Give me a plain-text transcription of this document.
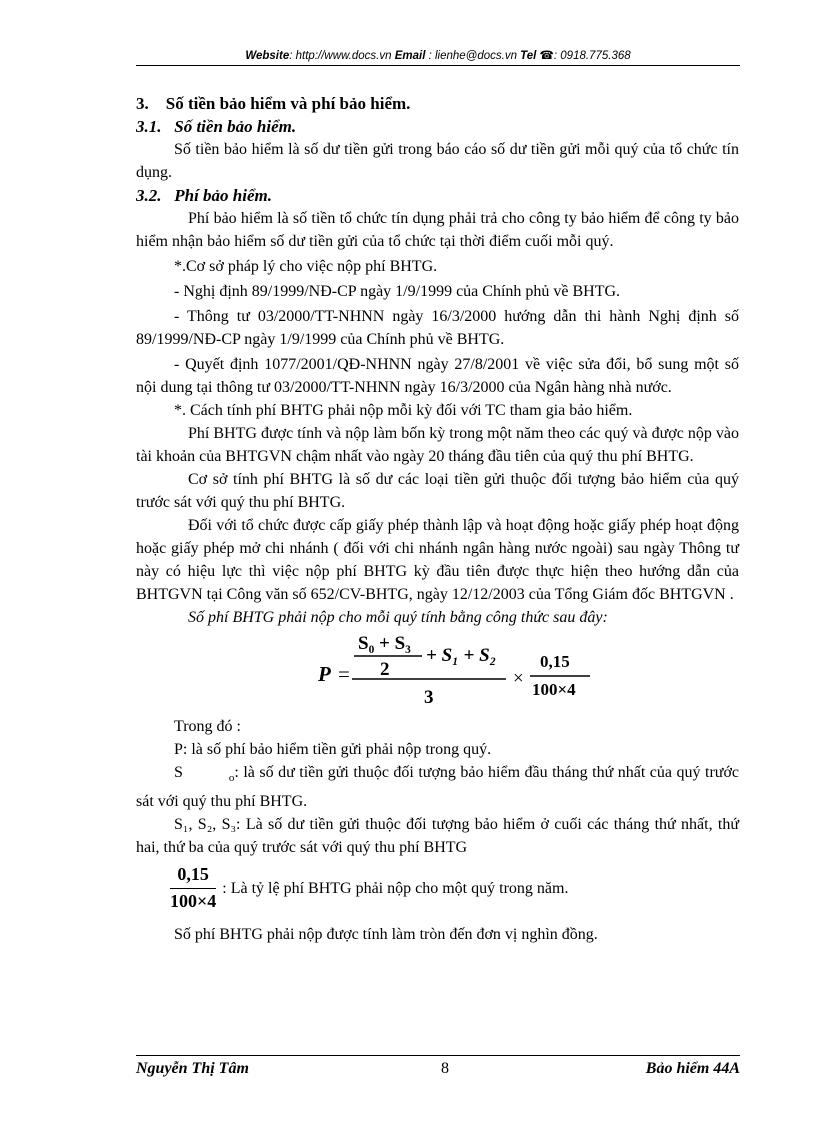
Website: http://www.docs.vn Email : lienhe@docs.vn Tel ☎: 0918.775.368

3.    Số tiền bảo hiểm và phí bảo hiểm.

3.1.   Số tiền bảo hiểm.

Số tiền bảo hiểm là số dư tiền gửi trong báo cáo số dư tiền gửi mỗi quý của tổ chức tín dụng.

3.2.   Phí bảo hiểm.

Phí bảo hiểm là số tiền tổ chức tín dụng phải trả cho công ty bảo hiểm để công ty bảo hiểm nhận bảo hiểm số dư tiền gửi của tổ chức tại thời điểm cuối mỗi quý.

*.Cơ sở pháp lý cho việc nộp phí BHTG.

- Nghị định 89/1999/NĐ-CP ngày 1/9/1999 của Chính phủ về BHTG.

- Thông tư 03/2000/TT-NHNN ngày 16/3/2000 hướng dẫn thi hành Nghị định số 89/1999/NĐ-CP ngày 1/9/1999 của Chính phủ về BHTG.

- Quyết định 1077/2001/QĐ-NHNN ngày 27/8/2001 về việc sửa đổi, bổ sung một số nội dung tại thông tư 03/2000/TT-NHNN ngày 16/3/2000 của Ngân hàng nhà nước.

*. Cách tính phí BHTG phải nộp mỗi kỳ đối với TC tham gia bảo hiểm.

Phí BHTG được tính và nộp làm bốn kỳ trong một năm theo các quý và được nộp vào tài khoản của BHTGVN chậm nhất vào ngày 20 tháng đầu tiên của quý thu phí BHTG.

Cơ sở tính phí BHTG là số dư các loại tiền gửi thuộc đối tượng bảo hiểm của quý trước sát với quý thu phí BHTG.

Đối với tổ chức được cấp giấy phép thành lập và hoạt động hoặc giấy phép hoạt động hoặc giấy phép mở chi nhánh ( đối với chi nhánh ngân hàng nước ngoài) sau ngày Thông tư này có hiệu lực thì việc nộp phí BHTG kỳ đầu tiên được thực hiện theo hướng dẫn của BHTGVN tại Công văn số 652/CV-BHTG, ngày 12/12/2003 của Tổng Giám đốc BHTGVN .

Số phí BHTG phải nộp cho mỗi quý tính bằng công thức sau đây:

P =
S₀ + S₃
2
+ S₁ + S₂
3
×
0,15
100×4

Trong đó :

P: là số phí bảo hiểm tiền gửi phải nộp trong quý.

S	$_o$: là số dư tiền gửi thuộc đối tượng bảo hiểm đầu tháng thứ nhất của quý trước sát với quý thu phí BHTG.

S₁, S₂, S₃: Là số dư tiền gửi thuộc đối tượng bảo hiểm ở cuối các tháng thứ nhất, thứ hai, thứ ba của quý trước sát với quý thu phí BHTG

$\frac{0,15}{100\times 4}$ : Là tỷ lệ phí BHTG phải nộp cho một quý trong năm.

Số phí BHTG phải nộp được tính làm tròn đến đơn vị nghìn đồng.

Nguyễn Thị Tâm	8	Bảo hiểm 44A
